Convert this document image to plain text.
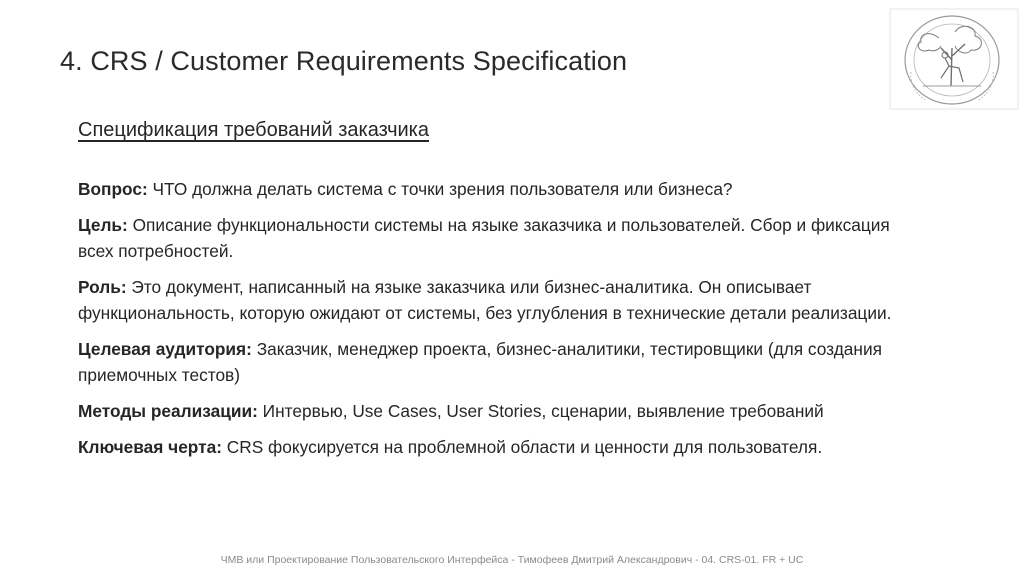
4. CRS / Customer Requirements Specification
Спецификация требований заказчика

Вопрос: ЧТО должна делать система с точки зрения пользователя или бизнеса?

Цель: Описание функциональности системы на языке заказчика и пользователей. Сбор и фиксация всех потребностей.

Роль: Это документ, написанный на языке заказчика или бизнес-аналитика. Он описывает функциональность, которую ожидают от системы, без углубления в технические детали реализации.

Целевая аудитория: Заказчик, менеджер проекта, бизнес-аналитики, тестировщики (для создания приемочных тестов)

Методы реализации: Интервью, Use Cases, User Stories, сценарии, выявление требований

Ключевая черта: CRS фокусируется на проблемной области и ценности для пользователя.

ЧМВ или Проектирование Пользовательского Интерфейса - Тимофеев Дмитрий Александрович - 04. CRS-01. FR + UC
